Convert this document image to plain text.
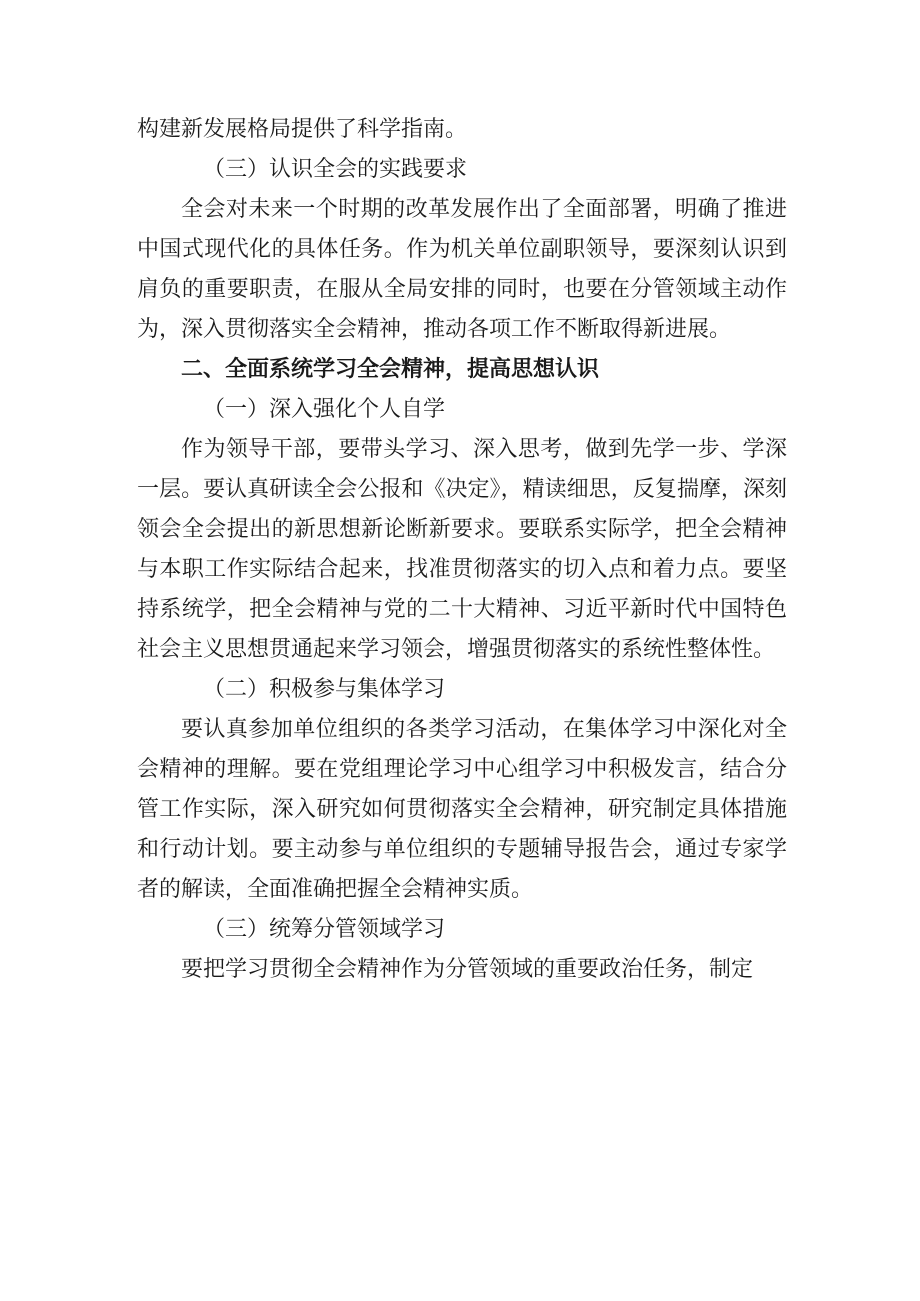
构建新发展格局提供了科学指南。

（三）认识全会的实践要求

全会对未来一个时期的改革发展作出了全面部署，明确了推进中国式现代化的具体任务。作为机关单位副职领导，要深刻认识到肩负的重要职责，在服从全局安排的同时，也要在分管领域主动作为，深入贯彻落实全会精神，推动各项工作不断取得新进展。

二、全面系统学习全会精神，提高思想认识

（一）深入强化个人自学

作为领导干部，要带头学习、深入思考，做到先学一步、学深一层。要认真研读全会公报和《决定》，精读细思，反复揣摩，深刻领会全会提出的新思想新论断新要求。要联系实际学，把全会精神与本职工作实际结合起来，找准贯彻落实的切入点和着力点。要坚持系统学，把全会精神与党的二十大精神、习近平新时代中国特色社会主义思想贯通起来学习领会，增强贯彻落实的系统性整体性。

（二）积极参与集体学习

要认真参加单位组织的各类学习活动，在集体学习中深化对全会精神的理解。要在党组理论学习中心组学习中积极发言，结合分管工作实际，深入研究如何贯彻落实全会精神，研究制定具体措施和行动计划。要主动参与单位组织的专题辅导报告会，通过专家学者的解读，全面准确把握全会精神实质。

（三）统筹分管领域学习

要把学习贯彻全会精神作为分管领域的重要政治任务，制定
